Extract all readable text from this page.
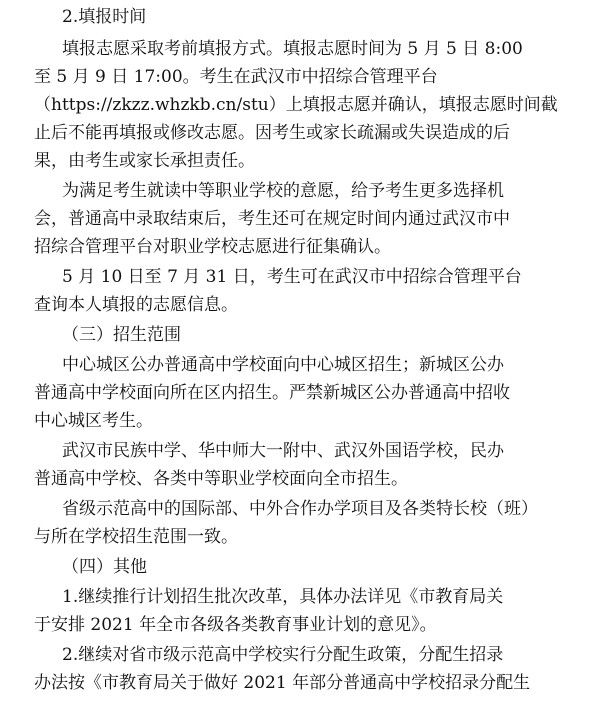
2.填报时间
填报志愿采取考前填报方式。填报志愿时间为 5 月 5 日 8:00
至 5 月 9 日 17:00。考生在武汉市中招综合管理平台
（https://zkzz.whzkb.cn/stu）上填报志愿并确认，填报志愿时间截
止后不能再填报或修改志愿。因考生或家长疏漏或失误造成的后
果，由考生或家长承担责任。
为满足考生就读中等职业学校的意愿，给予考生更多选择机
会，普通高中录取结束后，考生还可在规定时间内通过武汉市中
招综合管理平台对职业学校志愿进行征集确认。
5 月 10 日至 7 月 31 日，考生可在武汉市中招综合管理平台
查询本人填报的志愿信息。
（三）招生范围
中心城区公办普通高中学校面向中心城区招生；新城区公办
普通高中学校面向所在区内招生。严禁新城区公办普通高中招收
中心城区考生。
武汉市民族中学、华中师大一附中、武汉外国语学校，民办
普通高中学校、各类中等职业学校面向全市招生。
省级示范高中的国际部、中外合作办学项目及各类特长校（班）
与所在学校招生范围一致。
（四）其他
1.继续推行计划招生批次改革，具体办法详见《市教育局关
于安排 2021 年全市各级各类教育事业计划的意见》。
2.继续对省市级示范高中学校实行分配生政策，分配生招录
办法按《市教育局关于做好 2021 年部分普通高中学校招录分配生
